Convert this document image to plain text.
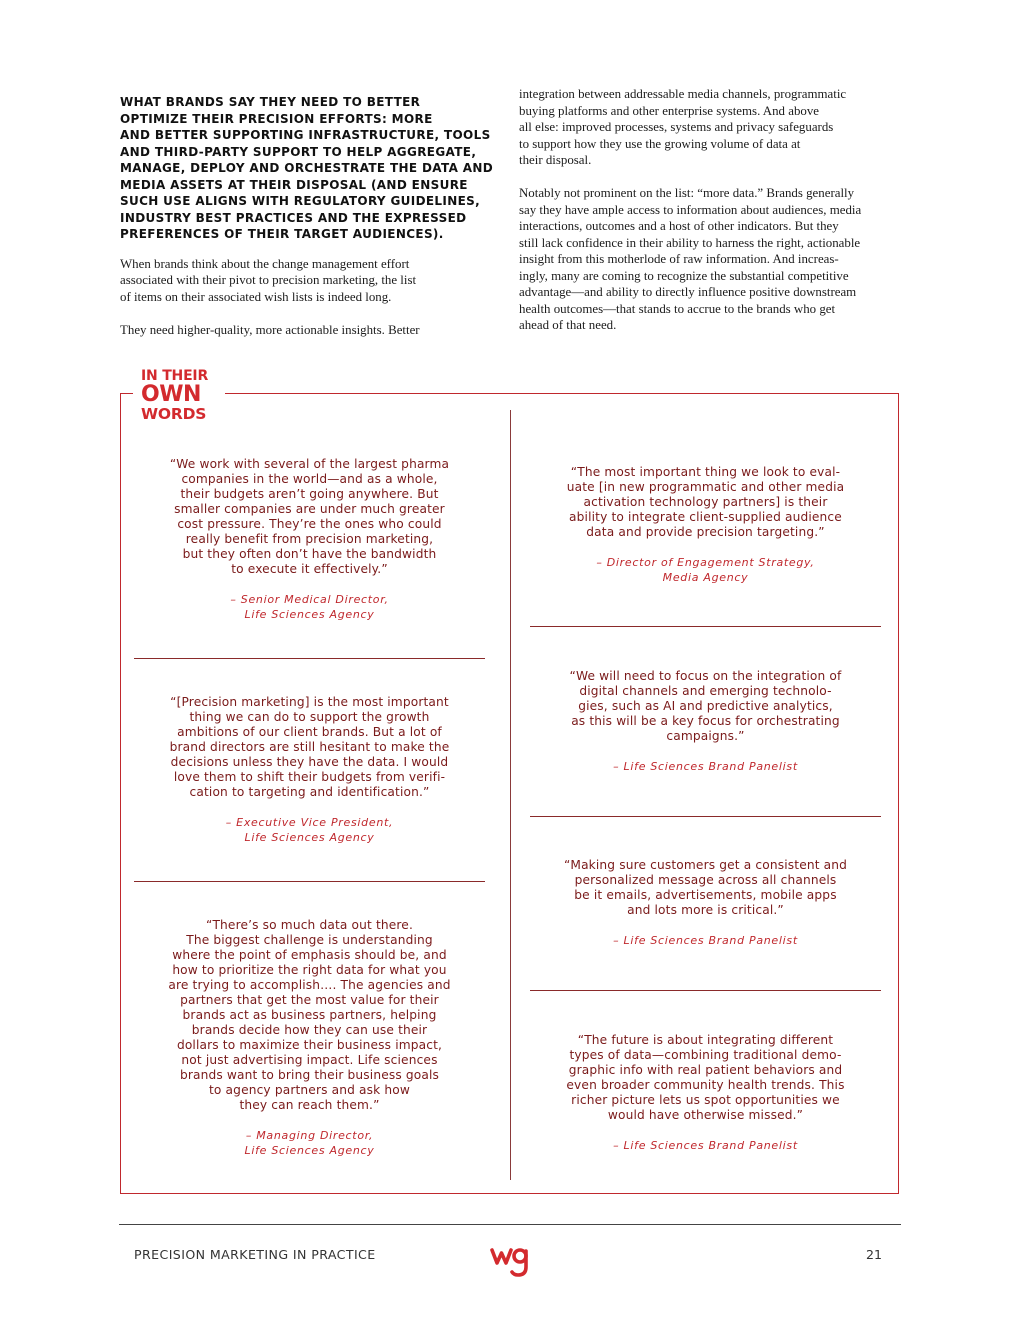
WHAT BRANDS SAY THEY NEED TO BETTER
OPTIMIZE THEIR PRECISION EFFORTS: MORE
AND BETTER SUPPORTING INFRASTRUCTURE, TOOLS
AND THIRD-PARTY SUPPORT TO HELP AGGREGATE,
MANAGE, DEPLOY AND ORCHESTRATE THE DATA AND
MEDIA ASSETS AT THEIR DISPOSAL (AND ENSURE
SUCH USE ALIGNS WITH REGULATORY GUIDELINES,
INDUSTRY BEST PRACTICES AND THE EXPRESSED
PREFERENCES OF THEIR TARGET AUDIENCES).

When brands think about the change management effort
associated with their pivot to precision marketing, the list
of items on their associated wish lists is indeed long.

They need higher-quality, more actionable insights. Better

integration between addressable media channels, programmatic
buying platforms and other enterprise systems. And above
all else: improved processes, systems and privacy safeguards
to support how they use the growing volume of data at
their disposal.

Notably not prominent on the list: “more data.” Brands generally
say they have ample access to information about audiences, media
interactions, outcomes and a host of other indicators. But they
still lack confidence in their ability to harness the right, actionable
insight from this motherlode of raw information. And increas-
ingly, many are coming to recognize the substantial competitive
advantage—and ability to directly influence positive downstream
health outcomes—that stands to accrue to the brands who get
ahead of that need.

IN THEIR
OWN
WORDS

“We work with several of the largest pharma
companies in the world—and as a whole,
their budgets aren’t going anywhere. But
smaller companies are under much greater
cost pressure. They’re the ones who could
really benefit from precision marketing,
but they often don’t have the bandwidth
to execute it effectively.”

– Senior Medical Director,
Life Sciences Agency

“[Precision marketing] is the most important
thing we can do to support the growth
ambitions of our client brands. But a lot of
brand directors are still hesitant to make the
decisions unless they have the data. I would
love them to shift their budgets from verifi-
cation to targeting and identification.”

– Executive Vice President,
Life Sciences Agency

“There’s so much data out there.
The biggest challenge is understanding
where the point of emphasis should be, and
how to prioritize the right data for what you
are trying to accomplish…. The agencies and
partners that get the most value for their
brands act as business partners, helping
brands decide how they can use their
dollars to maximize their business impact,
not just advertising impact. Life sciences
brands want to bring their business goals
to agency partners and ask how
they can reach them.”

– Managing Director,
Life Sciences Agency

“The most important thing we look to eval-
uate [in new programmatic and other media
activation technology partners] is their
ability to integrate client-supplied audience
data and provide precision targeting.”

– Director of Engagement Strategy,
Media Agency

“We will need to focus on the integration of
digital channels and emerging technolo-
gies, such as AI and predictive analytics,
as this will be a key focus for orchestrating
campaigns.”

– Life Sciences Brand Panelist

“Making sure customers get a consistent and
personalized message across all channels
be it emails, advertisements, mobile apps
and lots more is critical.”

– Life Sciences Brand Panelist

“The future is about integrating different
types of data—combining traditional demo-
graphic info with real patient behaviors and
even broader community health trends. This
richer picture lets us spot opportunities we
would have otherwise missed.”

– Life Sciences Brand Panelist
PRECISION MARKETING IN PRACTICE	21
